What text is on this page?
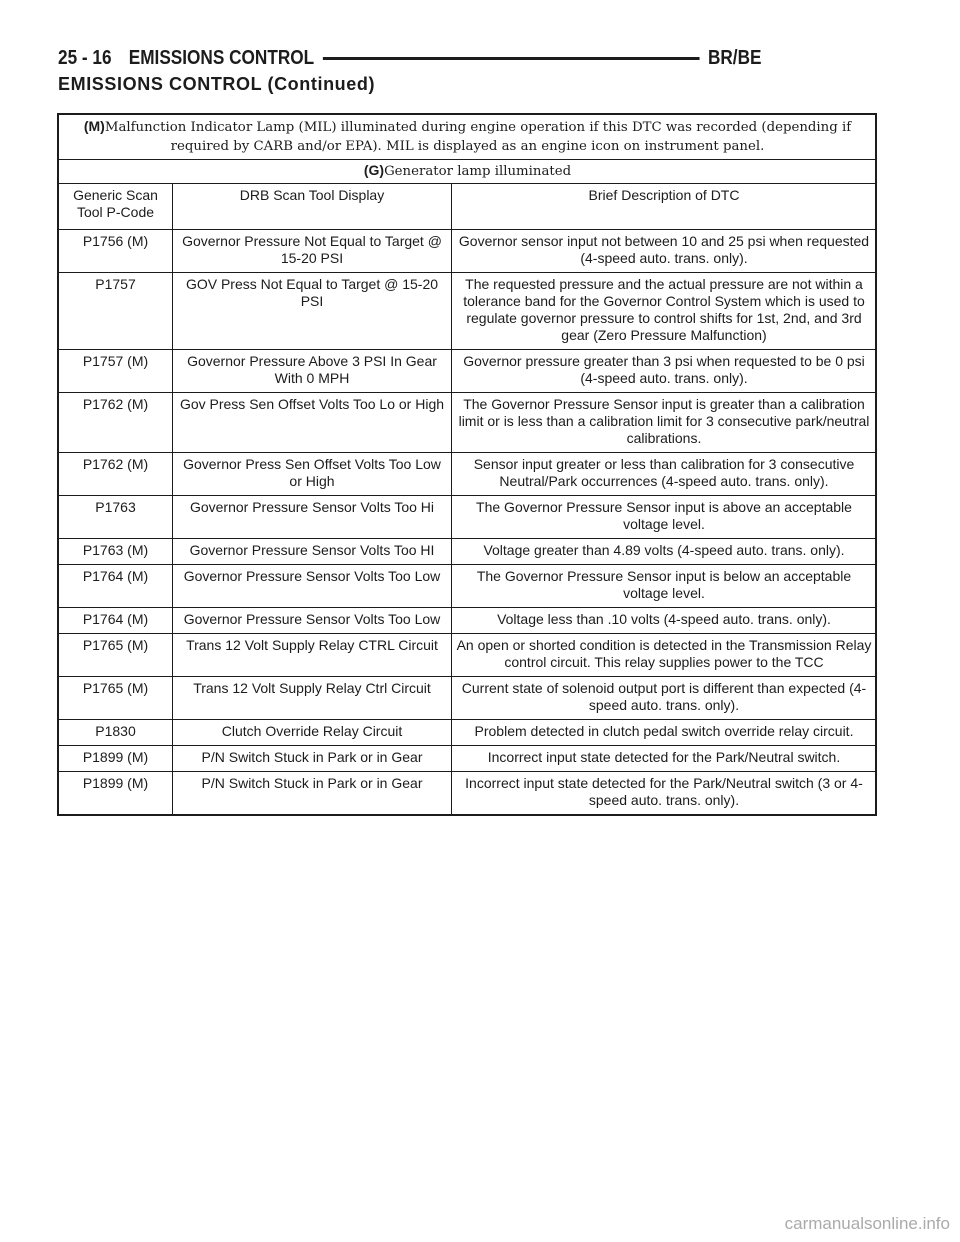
25 - 16 EMISSIONS CONTROL	BR/BE
EMISSIONS CONTROL (Continued)
(M)Malfunction Indicator Lamp (MIL) illuminated during engine operation if this DTC was recorded (depending if required by CARB and/or EPA). MIL is displayed as an engine icon on instrument panel.		
(G)Generator lamp illuminated		
Generic Scan Tool P-Code	DRB Scan Tool Display	Brief Description of DTC
P1756 (M)	Governor Pressure Not Equal to Target @ 15-20 PSI	Governor sensor input not between 10 and 25 psi when requested (4-speed auto. trans. only).
P1757	GOV Press Not Equal to Target @ 15-20 PSI	The requested pressure and the actual pressure are not within a tolerance band for the Governor Control System which is used to regulate governor pressure to control shifts for 1st, 2nd, and 3rd gear (Zero Pressure Malfunction)
P1757 (M)	Governor Pressure Above 3 PSI In Gear With 0 MPH	Governor pressure greater than 3 psi when requested to be 0 psi (4-speed auto. trans. only).
P1762 (M)	Gov Press Sen Offset Volts Too Lo or High	The Governor Pressure Sensor input is greater than a calibration limit or is less than a calibration limit for 3 consecutive park/neutral calibrations.
P1762 (M)	Governor Press Sen Offset Volts Too Low or High	Sensor input greater or less than calibration for 3 consecutive Neutral/Park occurrences (4-speed auto. trans. only).
P1763	Governor Pressure Sensor Volts Too Hi	The Governor Pressure Sensor input is above an acceptable voltage level.
P1763 (M)	Governor Pressure Sensor Volts Too HI	Voltage greater than 4.89 volts (4-speed auto. trans. only).
P1764 (M)	Governor Pressure Sensor Volts Too Low	The Governor Pressure Sensor input is below an acceptable voltage level.
P1764 (M)	Governor Pressure Sensor Volts Too Low	Voltage less than .10 volts (4-speed auto. trans. only).
P1765 (M)	Trans 12 Volt Supply Relay CTRL Circuit	An open or shorted condition is detected in the Transmission Relay control circuit. This relay supplies power to the TCC
P1765 (M)	Trans 12 Volt Supply Relay Ctrl Circuit	Current state of solenoid output port is different than expected (4-speed auto. trans. only).
P1830	Clutch Override Relay Circuit	Problem detected in clutch pedal switch override relay circuit.
P1899 (M)	P/N Switch Stuck in Park or in Gear	Incorrect input state detected for the Park/Neutral switch.
P1899 (M)	P/N Switch Stuck in Park or in Gear	Incorrect input state detected for the Park/Neutral switch (3 or 4-speed auto. trans. only).
carmanualsonline.info
